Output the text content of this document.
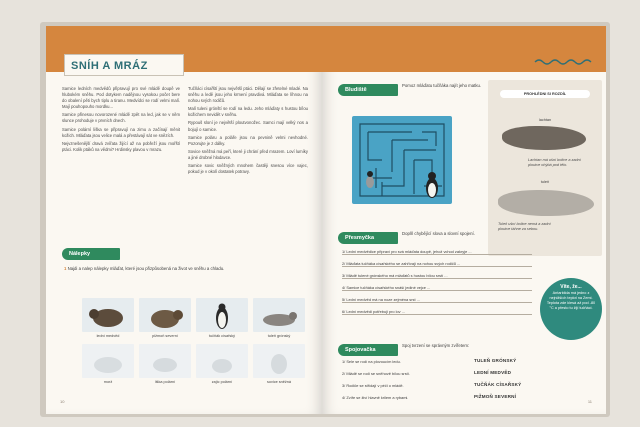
SNÍH A MRÁZ

Samice ledních medvědů připravují pro své mládě doupě ve hlubokém sněhu. Pod dotykem nadějnou vysokou počet bere do obalení pěti bych tiplu a tiranu. Medvídci se rodí velmi malí. Mají pouhopouho mordku...

Samice přinesou novorozené mládě zpět na led, jak se v něm slunce prohoduje v prvních dnech.

Samice polární liška se připravují na zimu a začínají měnit kožich. Mláďata jsou velice malá a přestávají sát ve snězích.

Nejvznešenější dravá zvířata žijící až na pobřeží jsou mořští ptáci. Kolik ptáků na vědmi? Hrdinsky plavou v mrazu.

Tučňáci císařští jsou největší ptáci. Dělají se zřetelné mladé. Na sněhu a ledě jsou jeho krmení pravdivá. Mláďata se líhnou na nohou svých rodičů.

Malí tuleni grónští se rodí na ledu. Jeho mláďaty s hustou bílou kožichem nevidět v sněhu.

Rypouš sloní je největší ploutvonožec. Samci mají velký nos a bojují o samice.

Samice poláru a poláře jsou na pevnině velmi nevhodné. Pozorujte je z dálky.

Sovice sněžná má peří, které ji chrání před mrazem. Loví lumíky a jiné drobné hlodavce.

Samice sovic sněžných mnohem častěji snesou více vajec, pokud je v okolí dostatek potravy.

Nálepky
1 Najdi a nalep nálepky mláďat, které jsou přizpůsobená na život ve sněhu a chladu.
lední medvěd	pižmoň severní	tučňák císařský	tuleň grónský
morž	liška polární	zajíc polární	sovice sněžná
10
Bludiště
Pomoz mláďatu tučňáka najít jeho matku.
PROHLÉDNI SI ROZDÍL
lachtan
Lachtan má ušní boltce a zadní ploutve ohýbá pod tělo.
tuleň
Tuleň ušní boltce nemá a zadní ploutve táhne za sebou.
Přesmyčka
Doplň chybějící slova a slovní spojení.
1/ Lední medvědice připraví pro svá mláďata doupě, jehož vchod zakryje ...
2/ Mláďata tučňáka císařského se zahřívají na nohou svých rodičů ...
3/ Mládě tulené grónského má mláďatů s hustou bílou srstí ...
4/ Samice tučňáka císařského snáší jediné vejce ...
5/ Lední medvěd má na noze zejména srst ...
6/ Lední medvědi potřebuji pro lov ...
Víte, že...
Antarktida má jedno z nejnižších teplot na Zemi. Teplota zde klesá až pod -80 °C a přesto tu žijí tučňáci.
Spojovačka
Spoj tvrzení se správným zvířetem:
1/ Sele se rodí na plovoucím ledu.
2/ Mládě se rodí se sněhově bílou srstí.
3/ Rodiče se střídají v péči o mládě.
4/ Zvíře se živí hlavně krilem a rybami.
TULEŇ GRÓNSKÝ
LEDNÍ MEDVĚD
TUČŇÁK CÍSAŘSKÝ
PIŽMOŇ SEVERNÍ
11
